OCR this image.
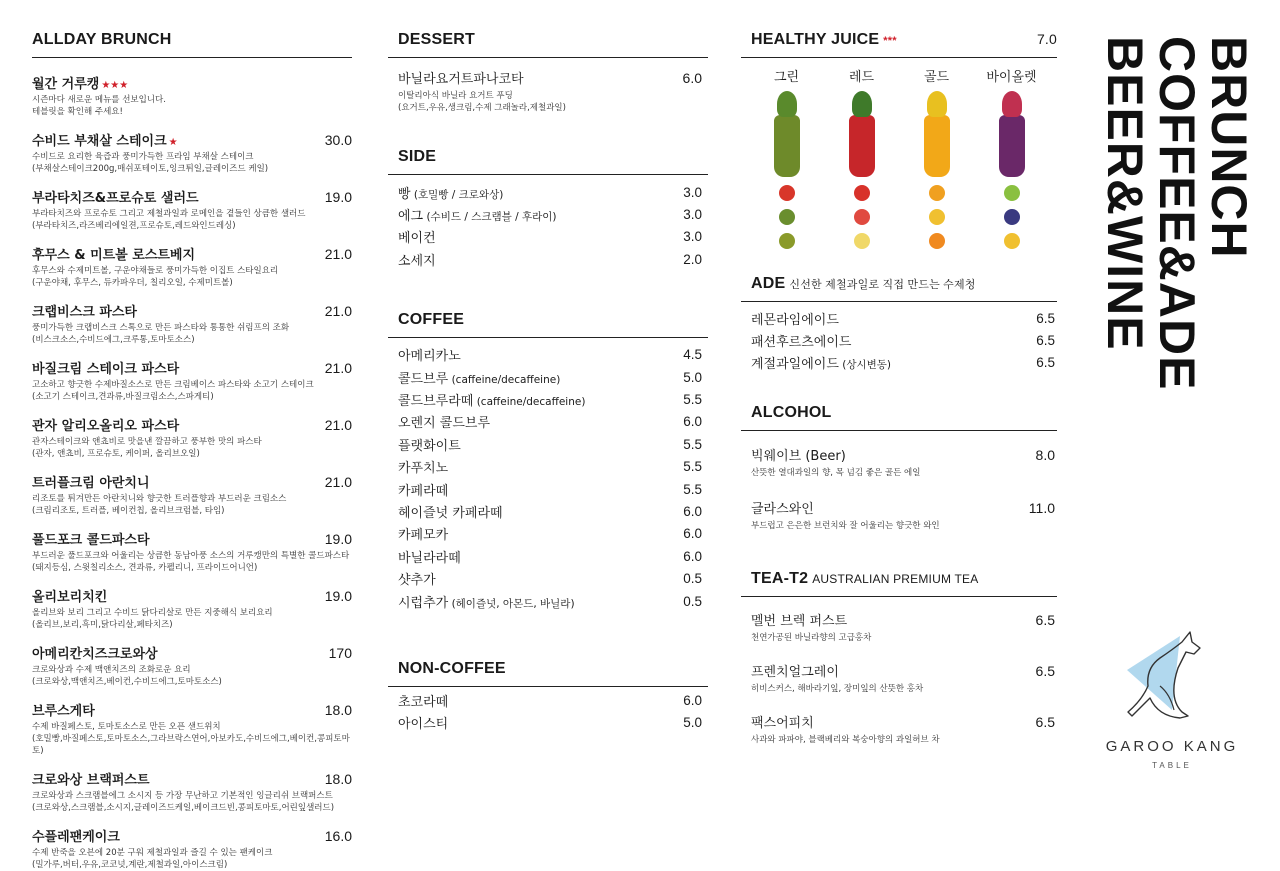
ALLDAY BRUNCH
월간 거루캥 ★★★
시즌마다 새로운 메뉴를 선보입니다.
테블릿을 확인해 주세요!
수비드 부채살 스테이크 ★	30.0
수비드로 요리한 육즙과 풍미가득한 프라임 부채살 스테이크
(부채살스테이크200g,매쉬포테이토,잉크튀일,글레이즈드 케일)
부라타치즈&프로슈토 샐러드	19.0
부라타치즈와 프로슈토 그리고 제철과일과 로메인을 곁들인 상큼한 샐러드
(부라타치즈,라즈베리에일젼,프로슈토,레드와인드레싱)
후무스 & 미트볼 로스트베지	21.0
후무스와 수제미트볼, 구운야채들로 풍미가득한 이집트 스타일요리
(구운야채, 후무스, 듀카파우더, 칠리오일, 수제미트볼)
크랩비스크 파스타	21.0
풍미가득한 크랩비스크 스톡으로 만든 파스타와 통통한 쉬림프의 조화
(비스크소스,수비드에그,크루통,토마토소스)
바질크림 스테이크 파스타	21.0
고소하고 향긋한 수제바질소스로 만든 크림베이스 파스타와 소고기 스테이크
(소고기 스테이크,견과류,바질크림소스,스파게티)
관자 알리오올리오 파스타	21.0
관자스테이크와 앤쵸비로 맛을낸 깔끔하고 풍부한 맛의 파스타
(관자, 앤쵸비, 프로슈토, 케이퍼, 올리브오일)
트러플크림 아란치니	21.0
리조토를 튀겨만든 아란치니와 향긋한 트러플향과 부드러운 크림소스
(크림리조토, 트러플, 베이컨칩, 올리브크럼블, 타임)
풀드포크 콜드파스타	19.0
부드러운 풀드포크와 어울리는 상큼한 동남아풍 소스의 거루캥만의 특별한 콜드파스타
(돼지등심, 스윗칠리소스, 견과류, 카펠리니, 프라이드어니언)
올리보리치킨	19.0
올리브와 보리 그리고 수비드 닭다리살로 만든 지중해식 보리요리
(올리브,보리,흑미,닭다리살,페타치즈)
아메리칸치즈크로와상	170
크로와상과 수제 맥앤치즈의 조화로운 요리
(크로와상,맥앤치즈,베이컨,수비드에그,토마토소스)
브루스게타	18.0
수제 바질페스토, 토마토소스로 만든 오픈 샌드위치
(호밀빵,바질페스토,토마토소스,그라브락스연어,아보카도,수비드에그,베이컨,콩피토마토)
크로와상 브랙퍼스트	18.0
크로와상과 스크램블에그 소시지 등 가장 무난하고 기본적인 잉글리쉬 브랙퍼스트
(크로와상,스크램블,소시지,글레이즈드케일,베이크드빈,콩피토마토,어린잎샐러드)
수플레팬케이크	16.0
수제 반죽을 오븐에 20분 구워 제철과일과 즐길 수 있는 팬케이크
(밀가루,버터,우유,코코넛,계란,제철과일,아이스크림)
DESSERT
바닐라요거트파나코타	6.0
이탈리아식 바닐라 요거트 푸딩
(요거트,우유,생크림,수제 그래놀라,제철과일)
SIDE
빵 (호밀빵 / 크로와상)	3.0
에그 (수비드 / 스크램블 / 후라이)	3.0
베이컨	3.0
소세지	2.0
COFFEE
아메리카노	4.5
콜드브루 (caffeine/decaffeine)	5.0
콜드브루라떼 (caffeine/decaffeine)	5.5
오렌지 콜드브루	6.0
플랫화이트	5.5
카푸치노	5.5
카페라떼	5.5
헤이즐넛 카페라떼	6.0
카페모카	6.0
바닐라라떼	6.0
샷추가	0.5
시럽추가 (헤이즐넛, 아몬드, 바닐라)	0.5
NON-COFFEE
초코라떼	6.0
아이스티	5.0
HEALTHY JUICE ***	7.0
그린	레드	골드	바이올렛
ADE 신선한 제철과일로 직접 만드는 수제청
레몬라임에이드	6.5
패션후르츠에이드	6.5
계절과일에이드 (상시변동)	6.5
ALCOHOL
빅웨이브 (Beer)	8.0
산뜻한 열대과일의 향, 목 넘김 좋은 골든 에일
글라스와인	11.0
부드럽고 은은한 브런치와 잘 어울리는 향긋한 와인
TEA-T2 AUSTRALIAN PREMIUM TEA
멜번 브렉 퍼스트	6.5
천연가공된 바닐라향의 고급홍차
프렌치얼그레이	6.5
히비스커스, 해바라기잎, 장미잎의 산뜻한 홍차
팩스어피치	6.5
사과와 파파야, 블랙베리와 복숭아향의 과일허브 차
BRUNCH
COFFEE&ADE
BEER&WINE
GAROO KANG
TABLE
